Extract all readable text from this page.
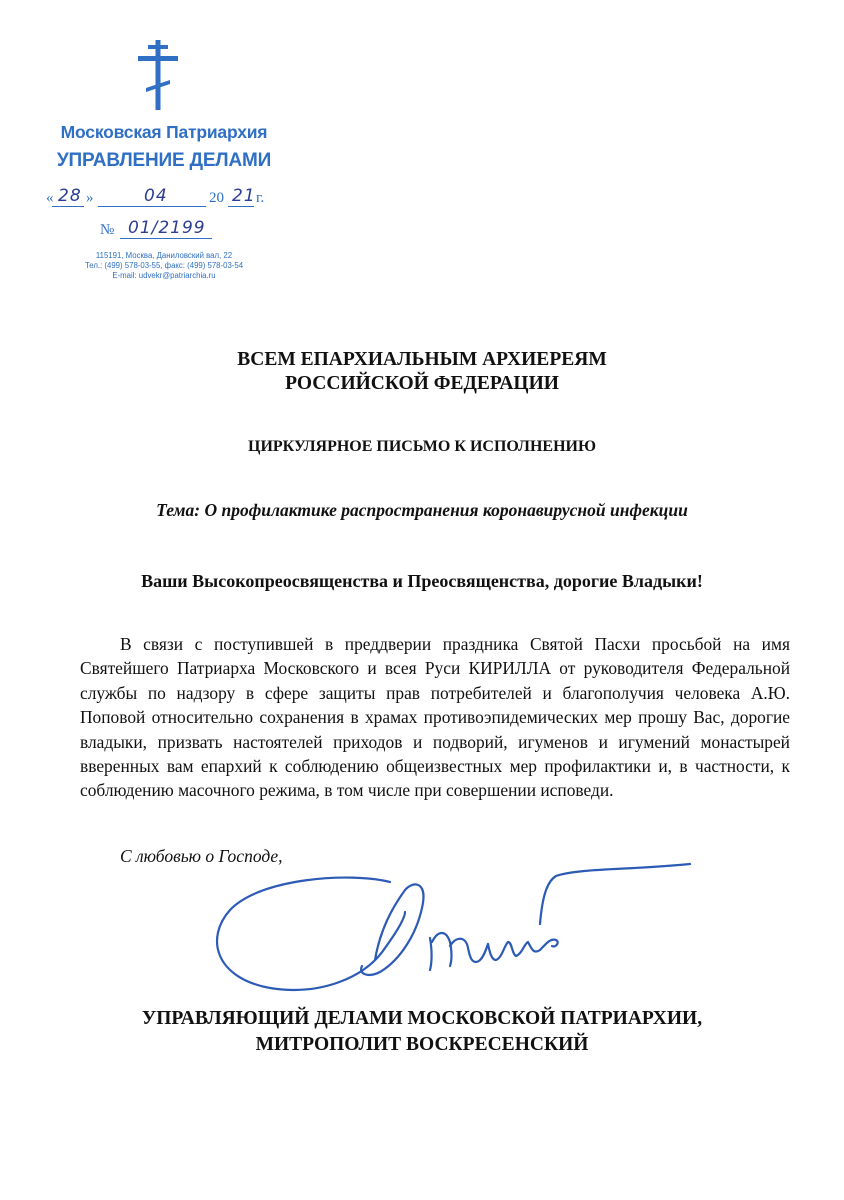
Московская Патриархия
УПРАВЛЕНИЕ ДЕЛАМИ
« 28 »	04	20 21 г.
№ 01/2199
115191, Москва, Даниловский вал, 22
Тел.: (499) 578-03-55, факс: (499) 578-03-54
E-mail: udvekr@patriarchia.ru
ВСЕМ ЕПАРХИАЛЬНЫМ АРХИЕРЕЯМ
РОССИЙСКОЙ ФЕДЕРАЦИИ
ЦИРКУЛЯРНОЕ ПИСЬМО К ИСПОЛНЕНИЮ
Тема: О профилактике распространения коронавирусной инфекции
Ваши Высокопреосвященства и Преосвященства, дорогие Владыки!
В связи с поступившей в преддверии праздника Святой Пасхи просьбой на имя Святейшего Патриарха Московского и всея Руси КИРИЛЛА от руководителя Федеральной службы по надзору в сфере защиты прав потребителей и благополучия человека А.Ю. Поповой относительно сохранения в храмах противоэпидемических мер прошу Вас, дорогие владыки, призвать настоятелей приходов и подворий, игуменов и игумений монастырей вверенных вам епархий к соблюдению общеизвестных мер профилактики и, в частности, к соблюдению масочного режима, в том числе при совершении исповеди.
С любовью о Господе,
УПРАВЛЯЮЩИЙ ДЕЛАМИ МОСКОВСКОЙ ПАТРИАРХИИ,
МИТРОПОЛИТ ВОСКРЕСЕНСКИЙ
